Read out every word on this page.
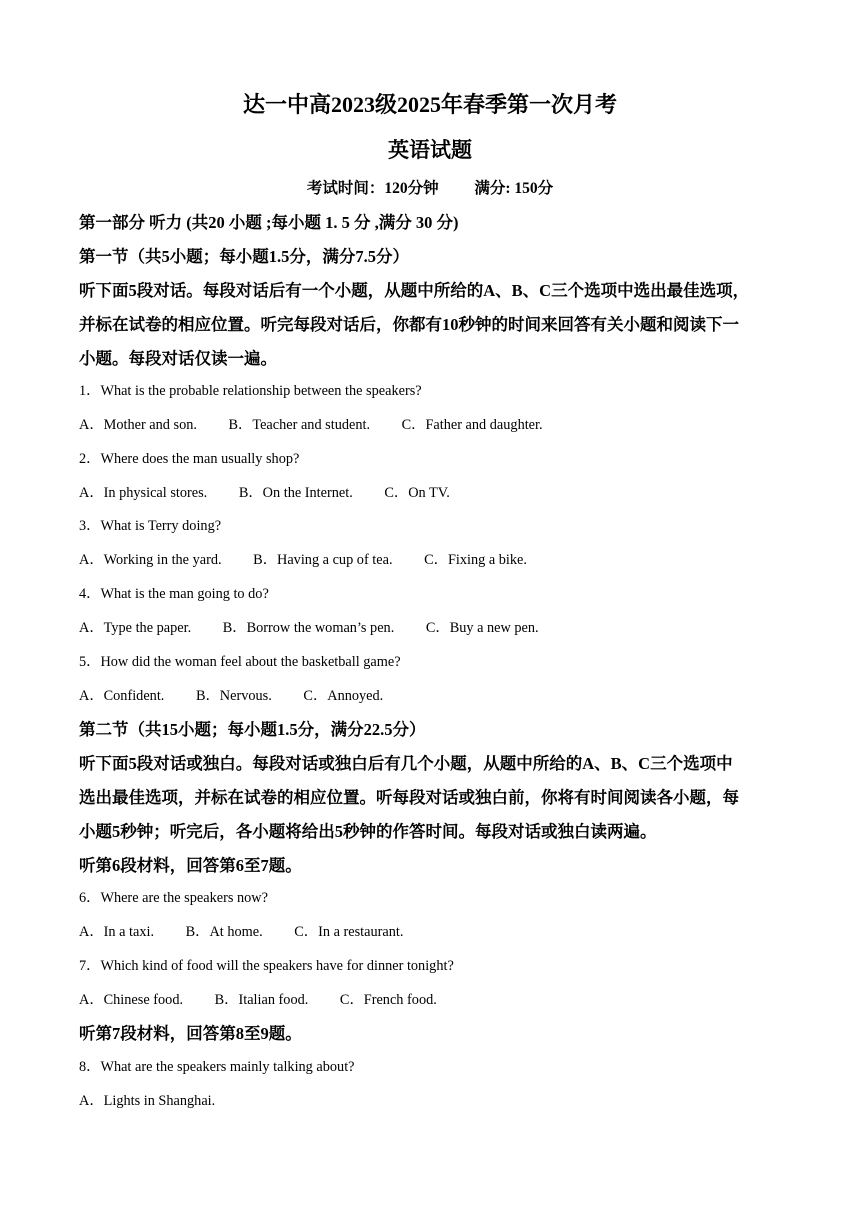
达一中高2023级2025年春季第一次月考
英语试题
考试时间：120分钟 满分: 150分
第一部分 听力 (共20 小题 ;每小题 1. 5 分 ,满分 30 分)
第一节（共5小题；每小题1.5分，满分7.5分）
听下面5段对话。每段对话后有一个小题，从题中所给的A、B、C三个选项中选出最佳选项，
并标在试卷的相应位置。听完每段对话后，你都有10秒钟的时间来回答有关小题和阅读下一
小题。每段对话仅读一遍。
1．What is the probable relationship between the speakers?
A．Mother and son. B．Teacher and student. C．Father and daughter.
2．Where does the man usually shop?
A．In physical stores. B．On the Internet. C．On TV.
3．What is Terry doing?
A．Working in the yard. B．Having a cup of tea. C．Fixing a bike.
4．What is the man going to do?
A．Type the paper. B．Borrow the woman’s pen. C．Buy a new pen.
5．How did the woman feel about the basketball game?
A．Confident. B．Nervous. C．Annoyed.
第二节（共15小题；每小题1.5分，满分22.5分）
听下面5段对话或独白。每段对话或独白后有几个小题，从题中所给的A、B、C三个选项中
选出最佳选项，并标在试卷的相应位置。听每段对话或独白前，你将有时间阅读各小题，每
小题5秒钟；听完后，各小题将给出5秒钟的作答时间。每段对话或独白读两遍。
听第6段材料，回答第6至7题。
6．Where are the speakers now?
A．In a taxi. B．At home. C．In a restaurant.
7．Which kind of food will the speakers have for dinner tonight?
A．Chinese food. B．Italian food. C．French food.
听第7段材料，回答第8至9题。
8．What are the speakers mainly talking about?
A．Lights in Shanghai.
